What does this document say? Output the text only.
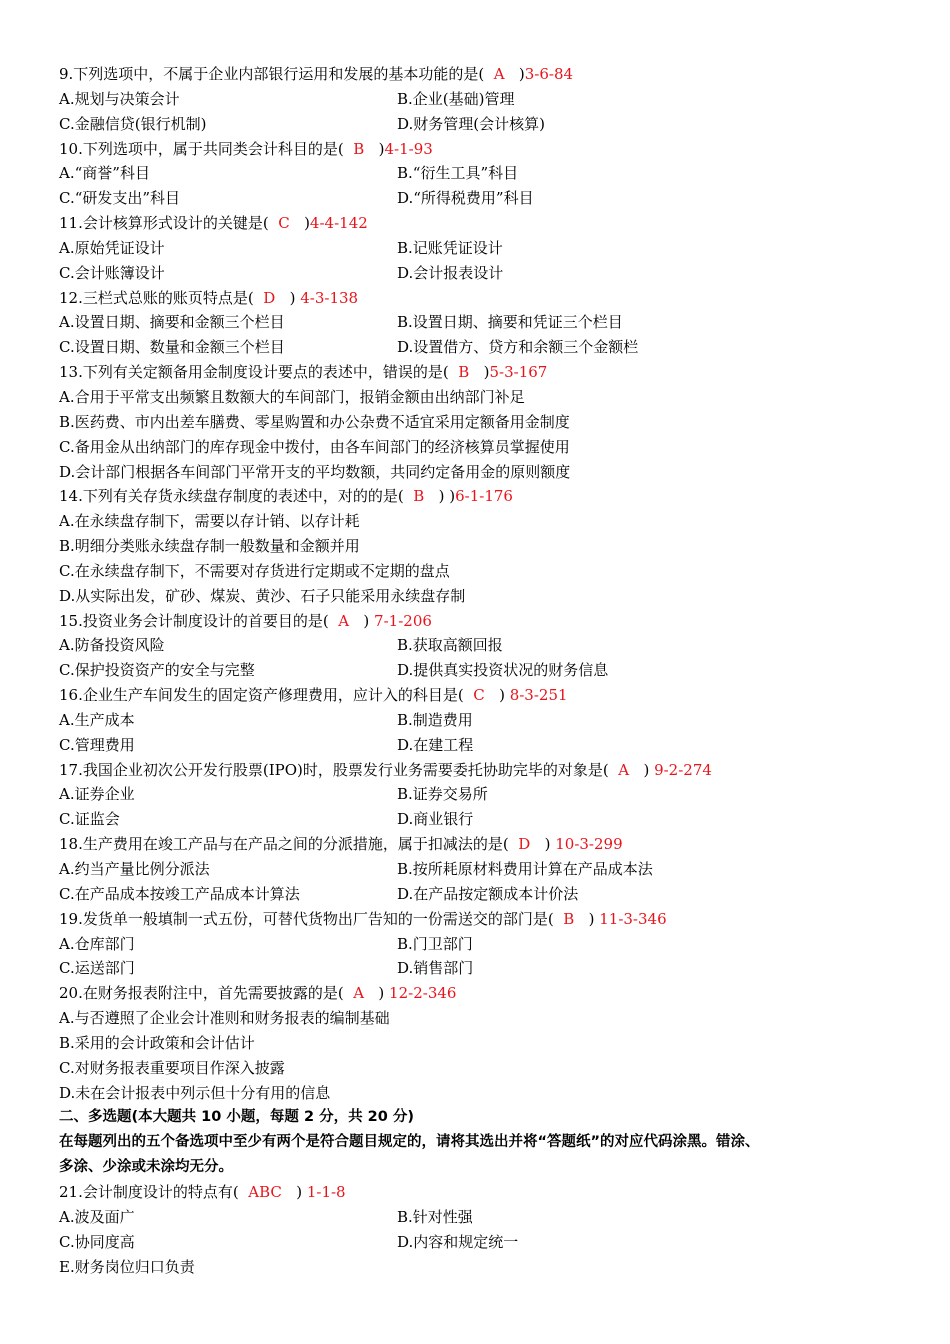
9.下列选项中，不属于企业内部银行运用和发展的基本功能的是( A )3-6-84
A.规划与决策会计	B.企业(基础)管理
C.金融信贷(银行机制)	D.财务管理(会计核算)
10.下列选项中，属于共同类会计科目的是( B )4-1-93
A.“商誉”科目	B.“衍生工具”科目
C.“研发支出”科目	D.“所得税费用”科目
11.会计核算形式设计的关键是( C )4-4-142
A.原始凭证设计	B.记账凭证设计
C.会计账簿设计	D.会计报表设计
12.三栏式总账的账页特点是( D ) 4-3-138
A.设置日期、摘要和金额三个栏目	B.设置日期、摘要和凭证三个栏目
C.设置日期、数量和金额三个栏目	D.设置借方、贷方和余额三个金额栏
13.下列有关定额备用金制度设计要点的表述中，错误的是( B )5-3-167
A.合用于平常支出频繁且数额大的车间部门，报销金额由出纳部门补足
B.医药费、市内出差车膳费、零星购置和办公杂费不适宜采用定额备用金制度
C.备用金从出纳部门的库存现金中拨付，由各车间部门的经济核算员掌握使用
D.会计部门根据各车间部门平常开支的平均数额，共同约定备用金的原则额度
14.下列有关存货永续盘存制度的表述中，对的的是( B ) )6-1-176
A.在永续盘存制下，需要以存计销、以存计耗
B.明细分类账永续盘存制一般数量和金额并用
C.在永续盘存制下，不需要对存货进行定期或不定期的盘点
D.从实际出发，矿砂、煤炭、黄沙、石子只能采用永续盘存制
15.投资业务会计制度设计的首要目的是( A ) 7-1-206
A.防备投资风险	B.获取高额回报
C.保护投资资产的安全与完整	D.提供真实投资状况的财务信息
16.企业生产车间发生的固定资产修理费用，应计入的科目是( C ) 8-3-251
A.生产成本	B.制造费用
C.管理费用	D.在建工程
17.我国企业初次公开发行股票(IPO)时，股票发行业务需要委托协助完毕的对象是( A ) 9-2-274
A.证券企业	B.证券交易所
C.证监会	D.商业银行
18.生产费用在竣工产品与在产品之间的分派措施，属于扣减法的是( D ) 10-3-299
A.约当产量比例分派法	B.按所耗原材料费用计算在产品成本法
C.在产品成本按竣工产品成本计算法	D.在产品按定额成本计价法
19.发货单一般填制一式五份，可替代货物出厂告知的一份需送交的部门是( B ) 11-3-346
A.仓库部门	B.门卫部门
C.运送部门	D.销售部门
20.在财务报表附注中，首先需要披露的是( A ) 12-2-346
A.与否遵照了企业会计准则和财务报表的编制基础
B.采用的会计政策和会计估计
C.对财务报表重要项目作深入披露
D.未在会计报表中列示但十分有用的信息
二、多选题(本大题共 10 小题，每题 2 分，共 20 分)
在每题列出的五个备选项中至少有两个是符合题目规定的，请将其选出并将“答题纸”的对应代码涂黑。错涂、
多涂、少涂或未涂均无分。
21.会计制度设计的特点有( ABC ) 1-1-8
A.波及面广	B.针对性强
C.协同度高	D.内容和规定统一
E.财务岗位归口负责
